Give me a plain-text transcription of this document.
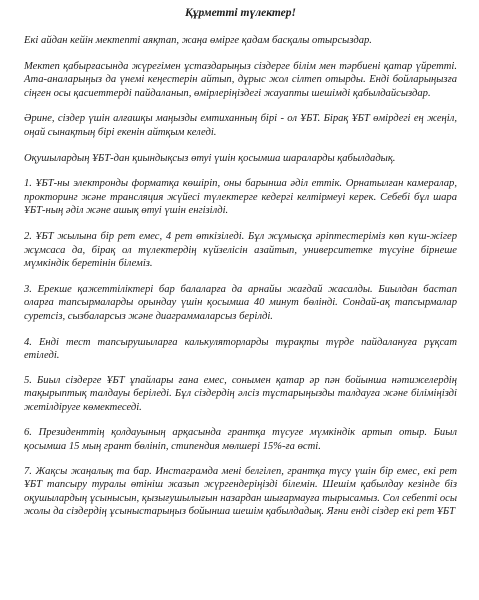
Құрметті түлектер!

Екі айдан кейін мектепті аяқтап, жаңа өмірге қадам басқалы отырсыздар.

Мектеп қабырғасында жүрегімен ұстаздарыңыз сіздерге білім мен тәрбиені қатар үйретті. Ата-аналарыңыз да үнемі кеңестерін айтып, дұрыс жол сілтеп отырды. Енді бойларыңызға сіңген осы қасиеттерді пайдаланып, өмірлеріңіздегі жауапты шешімді қабылдайсыздар.

Әрине, сіздер үшін алғашқы маңызды емтиханның бірі - ол ҰБТ. Бірақ ҰБТ өмірдегі ең жеңіл, оңай сынақтың бірі екенін айтқым келеді.

Оқушылардың ҰБТ-дан қиындықсыз өтуі үшін қосымша шараларды қабылдадық.

1. ҰБТ-ны электронды форматқа көшіріп, оны барынша әділ еттік. Орнатылған камералар, прокторинг және трансляция жүйесі түлектерге кедергі келтірмеуі керек. Себебі бұл шара ҰБТ-ның әділ және ашық өтуі үшін енгізілді.

2. ҰБТ жылына бір рет емес, 4 рет өткізіледі. Бұл жұмысқа әріптестеріміз көп күш-жігер жұмсаса да, бірақ ол түлектердің күйзелісін азайтып, университетке түсуіне бірнеше мүмкіндік беретінін білеміз.

3. Ерекше қажеттіліктері бар балаларға да арнайы жағдай жасалды. Биылдан бастап оларға тапсырмаларды орындау үшін қосымша 40 минут бөлінді. Сондай-ақ тапсырмалар суретсіз, сызбаларсыз және диаграммаларсыз берілді.

4. Енді тест тапсырушыларға калькуляторларды тұрақты түрде пайдалануға рұқсат етіледі.

5. Биыл сіздерге ҰБТ ұпайлары ғана емес, сонымен қатар әр пән бойынша нәтижелердің тақырыптық талдауы беріледі. Бұл сіздердің әлсіз тұстарыңызды талдауға және біліміңізді жетілдіруге көмектеседі.

6. Президенттің қолдауының арқасында грантқа түсуге мүмкіндік артып отыр. Биыл қосымша 15 мың грант бөлініп, стипендия мөлшері 15%-ға өсті.

7. Жақсы жаңалық та бар. Инстаграмда мені белгілеп, грантқа түсу үшін бір емес, екі рет ҰБТ тапсыру туралы өтініш жазып жүргендеріңізді білемін. Шешім қабылдау кезінде біз оқушылардың ұсынысын, қызығушылығын назардан шығармауға тырысамыз. Сол себепті осы жолы да сіздердің ұсыныстарыңыз бойынша шешім қабылдадық. Яғни енді сіздер екі рет ҰБТ
